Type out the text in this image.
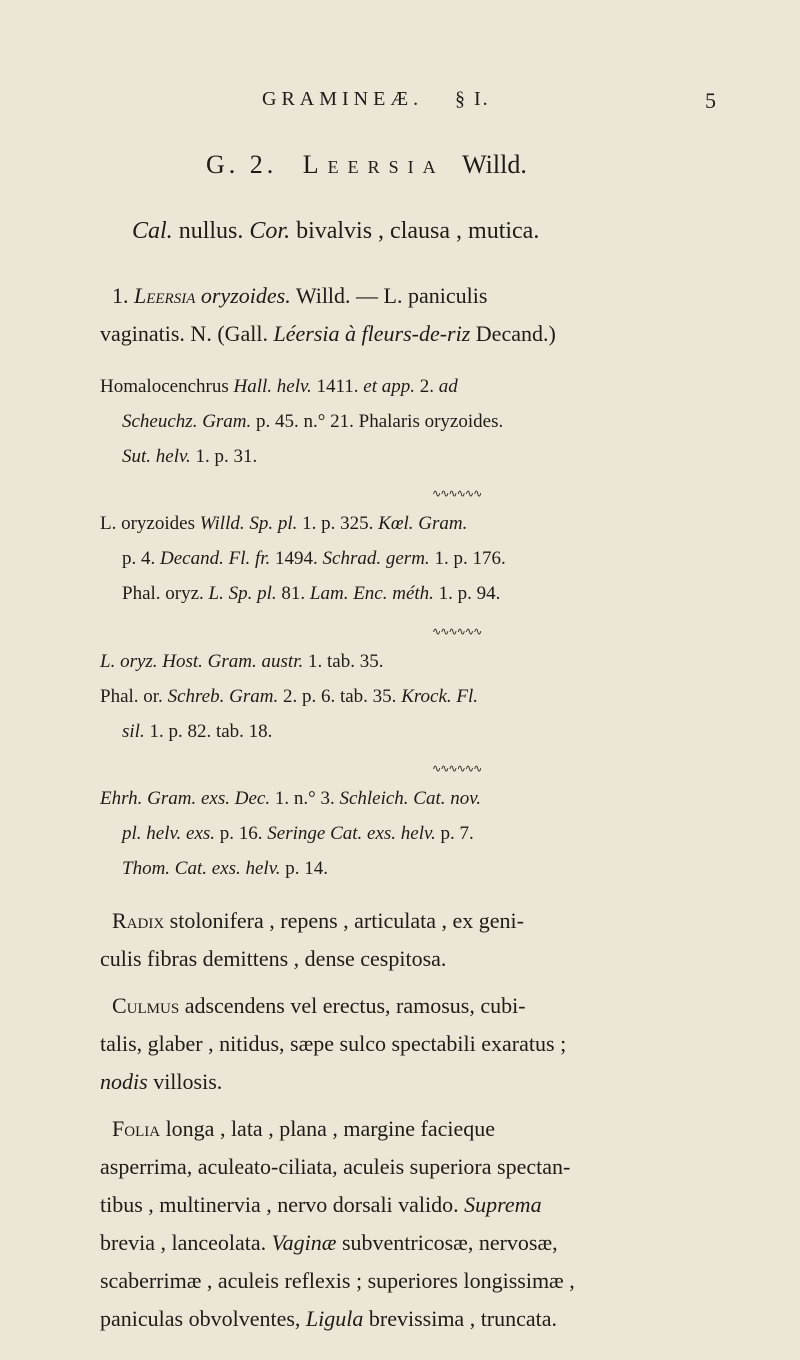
GRAMINEÆ. § I.	5
G. 2. Leersia Willd.
Cal. nullus. Cor. bivalvis , clausa , mutica.
1. Leersia oryzoides. Willd. — L. paniculis
vaginatis. N. (Gall. Léersia à fleurs-de-riz Decand.)
Homalocenchrus Hall. helv. 1411. et app. 2. ad
Scheuchz. Gram. p. 45. n.° 21. Phalaris oryzoides.
Sut. helv. 1. p. 31.
∿∿∿∿∿∿
L. oryzoides Willd. Sp. pl. 1. p. 325. Kœl. Gram.
p. 4. Decand. Fl. fr. 1494. Schrad. germ. 1. p. 176.
Phal. oryz. L. Sp. pl. 81. Lam. Enc. méth. 1. p. 94.
∿∿∿∿∿∿
L. oryz. Host. Gram. austr. 1. tab. 35.
Phal. or. Schreb. Gram. 2. p. 6. tab. 35. Krock. Fl.
sil. 1. p. 82. tab. 18.
∿∿∿∿∿∿
Ehrh. Gram. exs. Dec. 1. n.° 3. Schleich. Cat. nov.
pl. helv. exs. p. 16. Seringe Cat. exs. helv. p. 7.
Thom. Cat. exs. helv. p. 14.
Radix stolonifera , repens , articulata , ex geni-
culis fibras demittens , dense cespitosa.
Culmus adscendens vel erectus, ramosus, cubi-
talis, glaber , nitidus, sæpe sulco spectabili exaratus ;
nodis villosis.
Folia longa , lata , plana , margine facieque
asperrima, aculeato-ciliata, aculeis superiora spectan-
tibus , multinervia , nervo dorsali valido. Suprema
brevia , lanceolata. Vaginæ subventricosæ, nervosæ,
scaberrimæ , aculeis reflexis ; superiores longissimæ ,
paniculas obvolventes, Ligula brevissima , truncata.
